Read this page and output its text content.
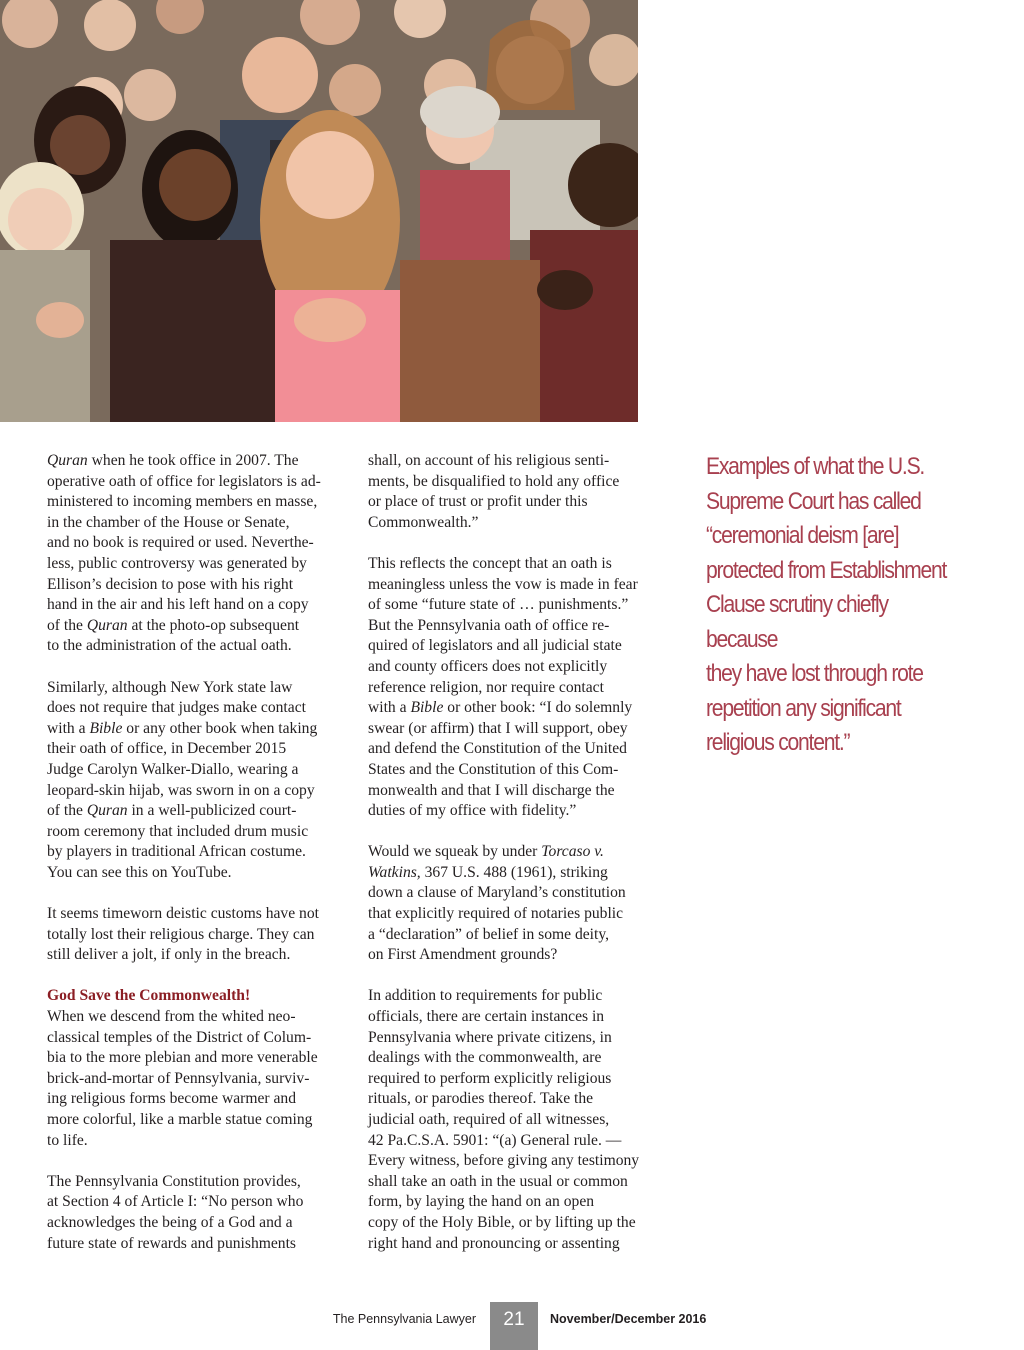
Quran when he took office in 2007. The
operative oath of office for legislators is ad-
ministered to incoming members en masse,
in the chamber of the House or Senate,
and no book is required or used. Neverthe-
less, public controversy was generated by
Ellison’s decision to pose with his right
hand in the air and his left hand on a copy
of the Quran at the photo-op subsequent
to the administration of the actual oath.

Similarly, although New York state law
does not require that judges make contact
with a Bible or any other book when taking
their oath of office, in December 2015
Judge Carolyn Walker-Diallo, wearing a
leopard-skin hijab, was sworn in on a copy
of the Quran in a well-publicized court-
room ceremony that included drum music
by players in traditional African costume.
You can see this on YouTube.

It seems timeworn deistic customs have not
totally lost their religious charge. They can
still deliver a jolt, if only in the breach.

God Save the Commonwealth!

When we descend from the whited neo-
classical temples of the District of Colum-
bia to the more plebian and more venerable
brick-and-mortar of Pennsylvania, surviv-
ing religious forms become warmer and
more colorful, like a marble statue coming
to life.

The Pennsylvania Constitution provides,
at Section 4 of Article I: “No person who
acknowledges the being of a God and a
future state of rewards and punishments

shall, on account of his religious senti-
ments, be disqualified to hold any office
or place of trust or profit under this
Commonwealth.”

This reflects the concept that an oath is
meaningless unless the vow is made in fear
of some “future state of … punishments.”
But the Pennsylvania oath of office re-
quired of legislators and all judicial state
and county officers does not explicitly
reference religion, nor require contact
with a Bible or other book: “I do solemnly
swear (or affirm) that I will support, obey
and defend the Constitution of the United
States and the Constitution of this Com-
monwealth and that I will discharge the
duties of my office with fidelity.”

Would we squeak by under Torcaso v.
Watkins, 367 U.S. 488 (1961), striking
down a clause of Maryland’s constitution
that explicitly required of notaries public
a “declaration” of belief in some deity,
on First Amendment grounds?

In addition to requirements for public
officials, there are certain instances in
Pennsylvania where private citizens, in
dealings with the commonwealth, are
required to perform explicitly religious
rituals, or parodies thereof. Take the
judicial oath, required of all witnesses,
42 Pa.C.S.A. 5901: “(a) General rule. —
Every witness, before giving any testimony
shall take an oath in the usual or common
form, by laying the hand on an open
copy of the Holy Bible, or by lifting up the
right hand and pronouncing or assenting

Examples of what the U.S.
Supreme Court has called
“ceremonial deism [are]
protected from Establishment
Clause scrutiny chiefly because
they have lost through rote
repetition any significant
religious content.”
The Pennsylvania Lawyer	21	November/December 2016
